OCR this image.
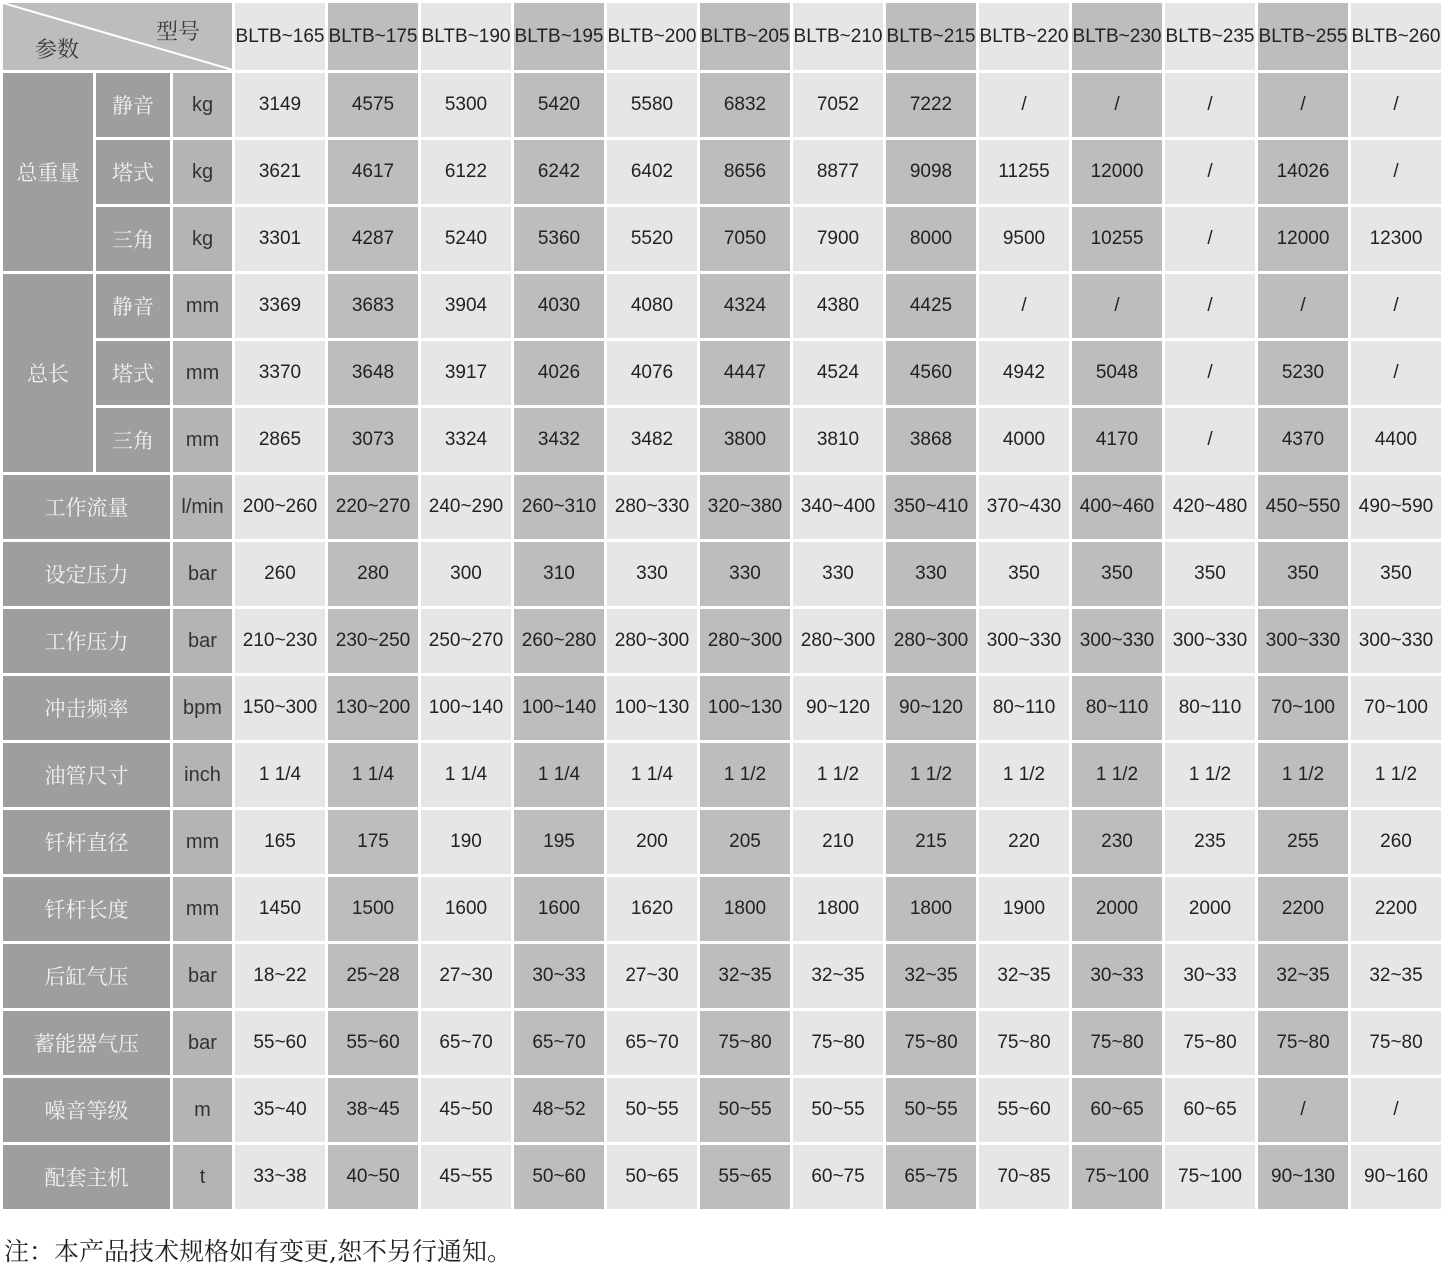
型号
参数			BLTB~165	BLTB~175	BLTB~190	BLTB~195	BLTB~200	BLTB~205	BLTB~210	BLTB~215	BLTB~220	BLTB~230	BLTB~235	BLTB~255	BLTB~260
总重量	静音	kg	3149	4575	5300	5420	5580	6832	7052	7222	/	/	/	/	/
	塔式	kg	3621	4617	6122	6242	6402	8656	8877	9098	11255	12000	/	14026	/
	三角	kg	3301	4287	5240	5360	5520	7050	7900	8000	9500	10255	/	12000	12300
总长	静音	mm	3369	3683	3904	4030	4080	4324	4380	4425	/	/	/	/	/
	塔式	mm	3370	3648	3917	4026	4076	4447	4524	4560	4942	5048	/	5230	/
	三角	mm	2865	3073	3324	3432	3482	3800	3810	3868	4000	4170	/	4370	4400
工作流量		l/min	200~260	220~270	240~290	260~310	280~330	320~380	340~400	350~410	370~430	400~460	420~480	450~550	490~590
设定压力		bar	260	280	300	310	330	330	330	330	350	350	350	350	350
工作压力		bar	210~230	230~250	250~270	260~280	280~300	280~300	280~300	280~300	300~330	300~330	300~330	300~330	300~330
冲击频率		bpm	150~300	130~200	100~140	100~140	100~130	100~130	90~120	90~120	80~110	80~110	80~110	70~100	70~100
油管尺寸		inch	1 1/4	1 1/4	1 1/4	1 1/4	1 1/4	1 1/2	1 1/2	1 1/2	1 1/2	1 1/2	1 1/2	1 1/2	1 1/2
钎杆直径		mm	165	175	190	195	200	205	210	215	220	230	235	255	260
钎杆长度		mm	1450	1500	1600	1600	1620	1800	1800	1800	1900	2000	2000	2200	2200
后缸气压		bar	18~22	25~28	27~30	30~33	27~30	32~35	32~35	32~35	32~35	30~33	30~33	32~35	32~35
蓄能器气压		bar	55~60	55~60	65~70	65~70	65~70	75~80	75~80	75~80	75~80	75~80	75~80	75~80	75~80
噪音等级		m	35~40	38~45	45~50	48~52	50~55	50~55	50~55	50~55	55~60	60~65	60~65	/	/
配套主机		t	33~38	40~50	45~55	50~60	50~65	55~65	60~75	65~75	70~85	75~100	75~100	90~130	90~160
注：本产品技术规格如有变更,恕不另行通知。
